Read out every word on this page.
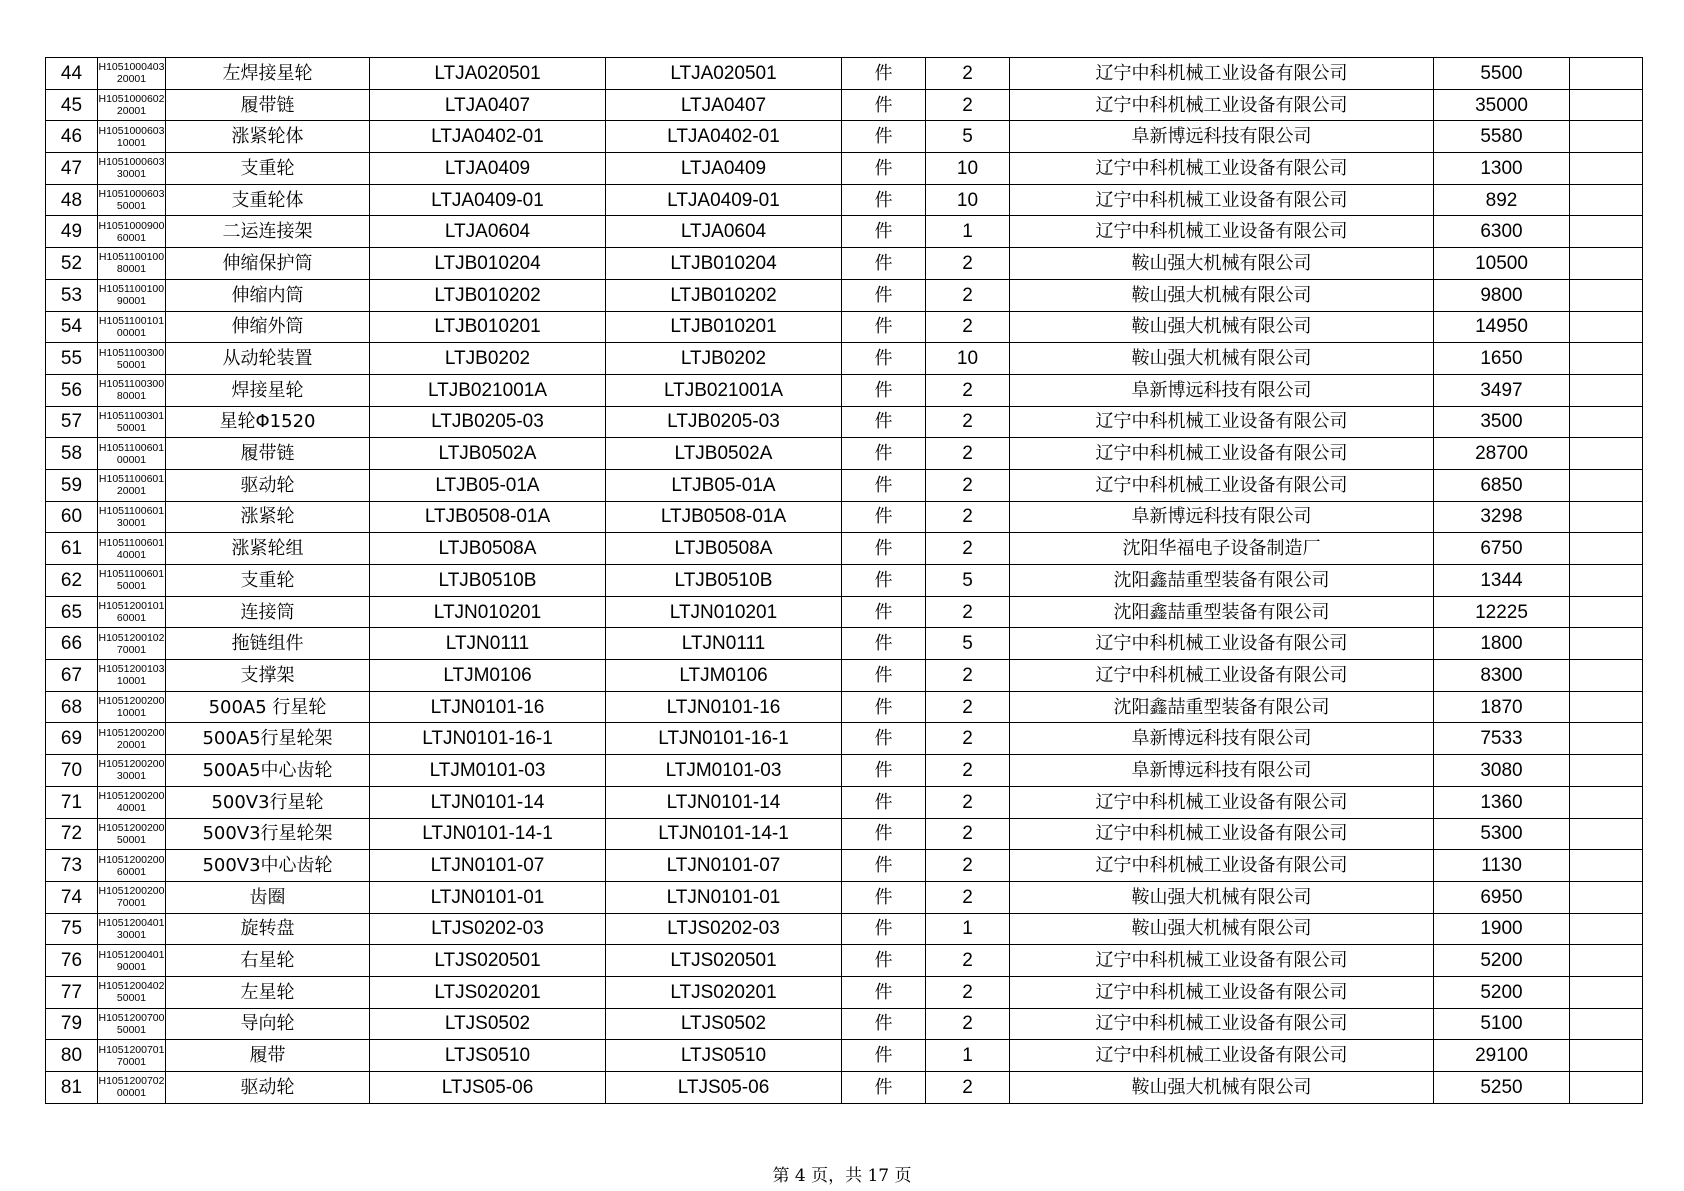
44	H105100040320001	左焊接星轮	LTJA020501	LTJA020501	件	2	辽宁中科机械工业设备有限公司	5500	
45	H105100060220001	履带链	LTJA0407	LTJA0407	件	2	辽宁中科机械工业设备有限公司	35000	
46	H105100060310001	涨紧轮体	LTJA0402-01	LTJA0402-01	件	5	阜新博远科技有限公司	5580	
47	H105100060330001	支重轮	LTJA0409	LTJA0409	件	10	辽宁中科机械工业设备有限公司	1300	
48	H105100060350001	支重轮体	LTJA0409-01	LTJA0409-01	件	10	辽宁中科机械工业设备有限公司	892	
49	H105100090060001	二运连接架	LTJA0604	LTJA0604	件	1	辽宁中科机械工业设备有限公司	6300	
52	H105110010080001	伸缩保护筒	LTJB010204	LTJB010204	件	2	鞍山强大机械有限公司	10500	
53	H105110010090001	伸缩内筒	LTJB010202	LTJB010202	件	2	鞍山强大机械有限公司	9800	
54	H105110010100001	伸缩外筒	LTJB010201	LTJB010201	件	2	鞍山强大机械有限公司	14950	
55	H105110030050001	从动轮装置	LTJB0202	LTJB0202	件	10	鞍山强大机械有限公司	1650	
56	H105110030080001	焊接星轮	LTJB021001A	LTJB021001A	件	2	阜新博远科技有限公司	3497	
57	H105110030150001	星轮Φ1520	LTJB0205-03	LTJB0205-03	件	2	辽宁中科机械工业设备有限公司	3500	
58	H105110060100001	履带链	LTJB0502A	LTJB0502A	件	2	辽宁中科机械工业设备有限公司	28700	
59	H105110060120001	驱动轮	LTJB05-01A	LTJB05-01A	件	2	辽宁中科机械工业设备有限公司	6850	
60	H105110060130001	涨紧轮	LTJB0508-01A	LTJB0508-01A	件	2	阜新博远科技有限公司	3298	
61	H105110060140001	涨紧轮组	LTJB0508A	LTJB0508A	件	2	沈阳华福电子设备制造厂	6750	
62	H105110060150001	支重轮	LTJB0510B	LTJB0510B	件	5	沈阳鑫喆重型装备有限公司	1344	
65	H105120010160001	连接筒	LTJN010201	LTJN010201	件	2	沈阳鑫喆重型装备有限公司	12225	
66	H105120010270001	拖链组件	LTJN0111	LTJN0111	件	5	辽宁中科机械工业设备有限公司	1800	
67	H105120010310001	支撑架	LTJM0106	LTJM0106	件	2	辽宁中科机械工业设备有限公司	8300	
68	H105120020010001	500A5 行星轮	LTJN0101-16	LTJN0101-16	件	2	沈阳鑫喆重型装备有限公司	1870	
69	H105120020020001	500A5行星轮架	LTJN0101-16-1	LTJN0101-16-1	件	2	阜新博远科技有限公司	7533	
70	H105120020030001	500A5中心齿轮	LTJM0101-03	LTJM0101-03	件	2	阜新博远科技有限公司	3080	
71	H105120020040001	500V3行星轮	LTJN0101-14	LTJN0101-14	件	2	辽宁中科机械工业设备有限公司	1360	
72	H105120020050001	500V3行星轮架	LTJN0101-14-1	LTJN0101-14-1	件	2	辽宁中科机械工业设备有限公司	5300	
73	H105120020060001	500V3中心齿轮	LTJN0101-07	LTJN0101-07	件	2	辽宁中科机械工业设备有限公司	1130	
74	H105120020070001	齿圈	LTJN0101-01	LTJN0101-01	件	2	鞍山强大机械有限公司	6950	
75	H105120040130001	旋转盘	LTJS0202-03	LTJS0202-03	件	1	鞍山强大机械有限公司	1900	
76	H105120040190001	右星轮	LTJS020501	LTJS020501	件	2	辽宁中科机械工业设备有限公司	5200	
77	H105120040250001	左星轮	LTJS020201	LTJS020201	件	2	辽宁中科机械工业设备有限公司	5200	
79	H105120070050001	导向轮	LTJS0502	LTJS0502	件	2	辽宁中科机械工业设备有限公司	5100	
80	H105120070170001	履带	LTJS0510	LTJS0510	件	1	辽宁中科机械工业设备有限公司	29100	
81	H105120070200001	驱动轮	LTJS05-06	LTJS05-06	件	2	鞍山强大机械有限公司	5250	
第 4 页，共 17 页
